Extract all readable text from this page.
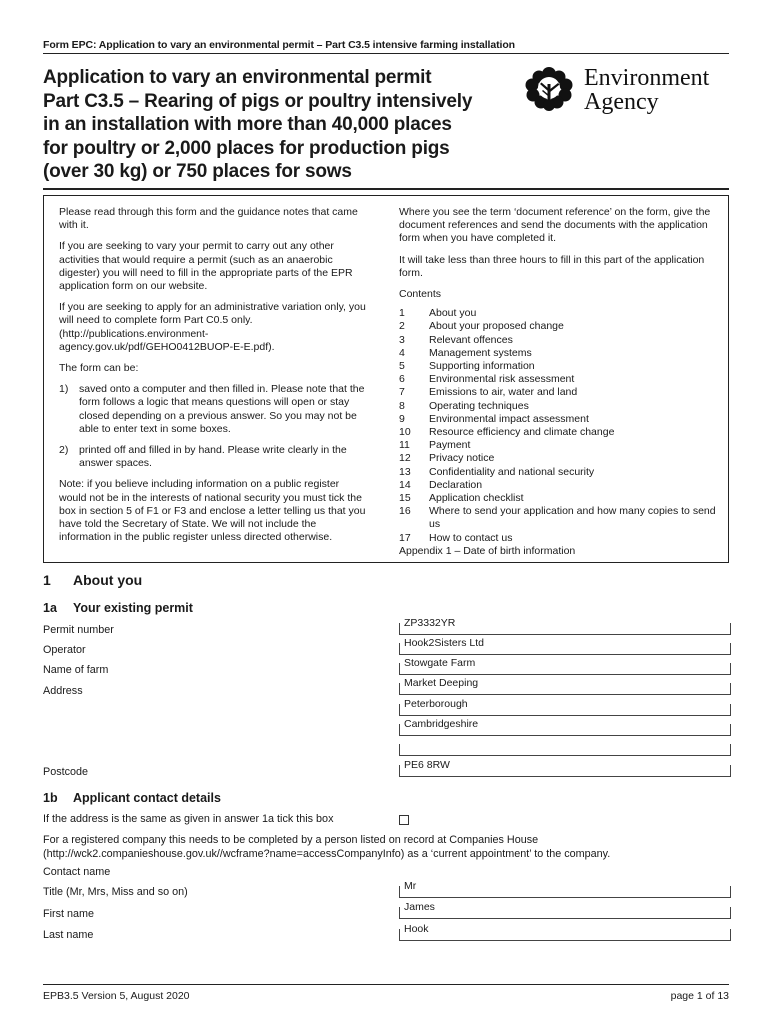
Form EPC: Application to vary an environmental permit – Part C3.5 intensive farming installation
Application to vary an environmental permit
Part C3.5 – Rearing of pigs or poultry intensively
in an installation with more than 40,000 places
for poultry or 2,000 places for production pigs
(over 30 kg) or 750 places for sows
Environment
Agency

Please read through this form and the guidance notes that came with it.

If you are seeking to vary your permit to carry out any other activities that would require a permit (such as an anaerobic digester) you will need to fill in the appropriate parts of the EPR application form on our website.

If you are seeking to apply for an administrative variation only, you will need to complete form Part C0.5 only. (http://publications.environment-agency.gov.uk/pdf/GEHO0412BUOP-E-E.pdf).

The form can be:

1)	saved onto a computer and then filled in. Please note that the form follows a logic that means questions will open or stay closed depending on a previous answer. So you may not be able to enter text in some boxes.
2)	printed off and filled in by hand. Please write clearly in the answer spaces.

Note: if you believe including information on a public register would not be in the interests of national security you must tick the box in section 5 of F1 or F3 and enclose a letter telling us that you have told the Secretary of State. We will not include the information in the public register unless directed otherwise.

Where you see the term ‘document reference’ on the form, give the document references and send the documents with the application form when you have completed it.

It will take less than three hours to fill in this part of the application form.

Contents

1	About you
2	About your proposed change
3	Relevant offences
4	Management systems
5	Supporting information
6	Environmental risk assessment
7	Emissions to air, water and land
8	Operating techniques
9	Environmental impact assessment
10	Resource efficiency and climate change
11	Payment
12	Privacy notice
13	Confidentiality and national security
14	Declaration
15	Application checklist
16	Where to send your application and how many copies to send us
17	How to contact us
Appendix 1 – Date of birth information
1 About you
1a Your existing permit
Permit number
ZP3332YR
Operator
Hook2Sisters Ltd
Name of farm
Stowgate Farm
Address
Market Deeping
Peterborough
Cambridgeshire
Postcode
PE6 8RW
1b Applicant contact details
If the address is the same as given in answer 1a tick this box
For a registered company this needs to be completed by a person listed on record at Companies House (http://wck2.companieshouse.gov.uk//wcframe?name=accessCompanyInfo) as a ‘current appointment’ to the company.
Contact name
Title (Mr, Mrs, Miss and so on)	Mr
First name
James
Last name	Hook
EPB3.5 Version 5, August 2020	page 1 of 13
